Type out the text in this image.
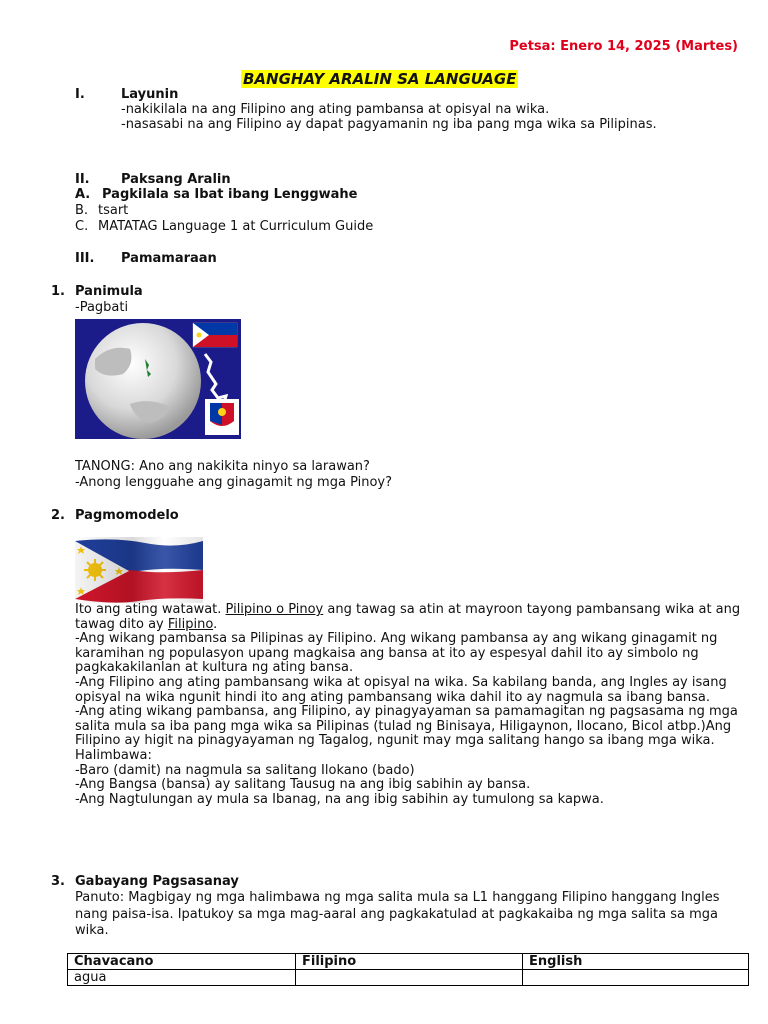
Petsa: Enero 14, 2025 (Martes)
BANGHAY ARALIN SA LANGUAGE
I.	Layunin
-nakikilala na ang Filipino ang ating pambansa at opisyal na wika.
-nasasabi na ang Filipino ay dapat pagyamanin ng iba pang mga wika sa Pilipinas.
II. Paksang Aralin
A. Pagkilala sa Ibat ibang Lenggwahe
B. tsart
C. MATATAG Language 1 at Curriculum Guide
III. Pamamaraan
1. Panimula
-Pagbati
TANONG: Ano ang nakikita ninyo sa larawan?
-Anong lengguahe ang ginagamit ng mga Pinoy?
2. Pagmomodelo
Ito ang ating watawat. Pilipino o Pinoy ang tawag sa atin at mayroon tayong pambansang wika at ang
tawag dito ay Filipino.
-Ang wikang pambansa sa Pilipinas ay Filipino. Ang wikang pambansa ay ang wikang ginagamit ng
karamihan ng populasyon upang magkaisa ang bansa at ito ay espesyal dahil ito ay simbolo ng
pagkakakilanlan at kultura ng ating bansa.
-Ang Filipino ang ating pambansang wika at opisyal na wika. Sa kabilang banda, ang Ingles ay isang
opisyal na wika ngunit hindi ito ang ating pambansang wika dahil ito ay nagmula sa ibang bansa.
-Ang ating wikang pambansa, ang Filipino, ay pinagyayaman sa pamamagitan ng pagsasama ng mga
salita mula sa iba pang mga wika sa Pilipinas (tulad ng Binisaya, Hiligaynon, Ilocano, Bicol atbp.)Ang
Filipino ay higit na pinagyayaman ng Tagalog, ngunit may mga salitang hango sa ibang mga wika.
Halimbawa:
-Baro (damit) na nagmula sa salitang Ilokano (bado)
-Ang Bangsa (bansa) ay salitang Tausug na ang ibig sabihin ay bansa.
-Ang Nagtulungan ay mula sa Ibanag, na ang ibig sabihin ay tumulong sa kapwa.
3. Gabayang Pagsasanay
Panuto: Magbigay ng mga halimbawa ng mga salita mula sa L1 hanggang Filipino hanggang Ingles
nang paisa-isa. Ipatukoy sa mga mag-aaral ang pagkakatulad at pagkakaiba ng mga salita sa mga
wika.
Chavacano	Filipino	English
agua		
